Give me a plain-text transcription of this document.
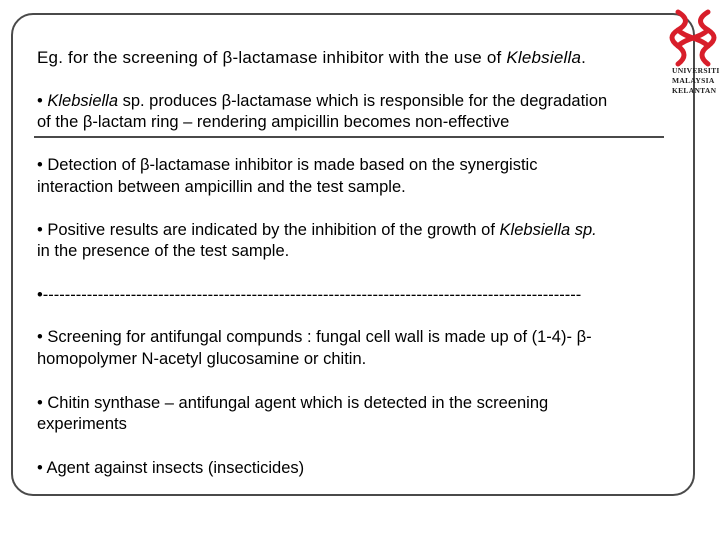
Eg. for the screening of β-lactamase inhibitor with the use of Klebsiella.
• Klebsiella sp. produces β-lactamase which is responsible for the degradation
of the β-lactam ring – rendering ampicillin becomes non-effective
• Detection of β-lactamase inhibitor is made based on the synergistic
interaction between ampicillin and the test sample.
• Positive results are indicated by the inhibition of the growth of Klebsiella sp.
in the presence of the test sample.
•--------------------------------------------------------------------------------------------------
• Screening for antifungal compunds : fungal cell wall is made up of (1-4)- β-
homopolymer N-acetyl glucosamine or chitin.
• Chitin synthase – antifungal agent which is detected in the screening
experiments
• Agent against insects (insecticides)
UNIVERSITI
MALAYSIA
KELANTAN
